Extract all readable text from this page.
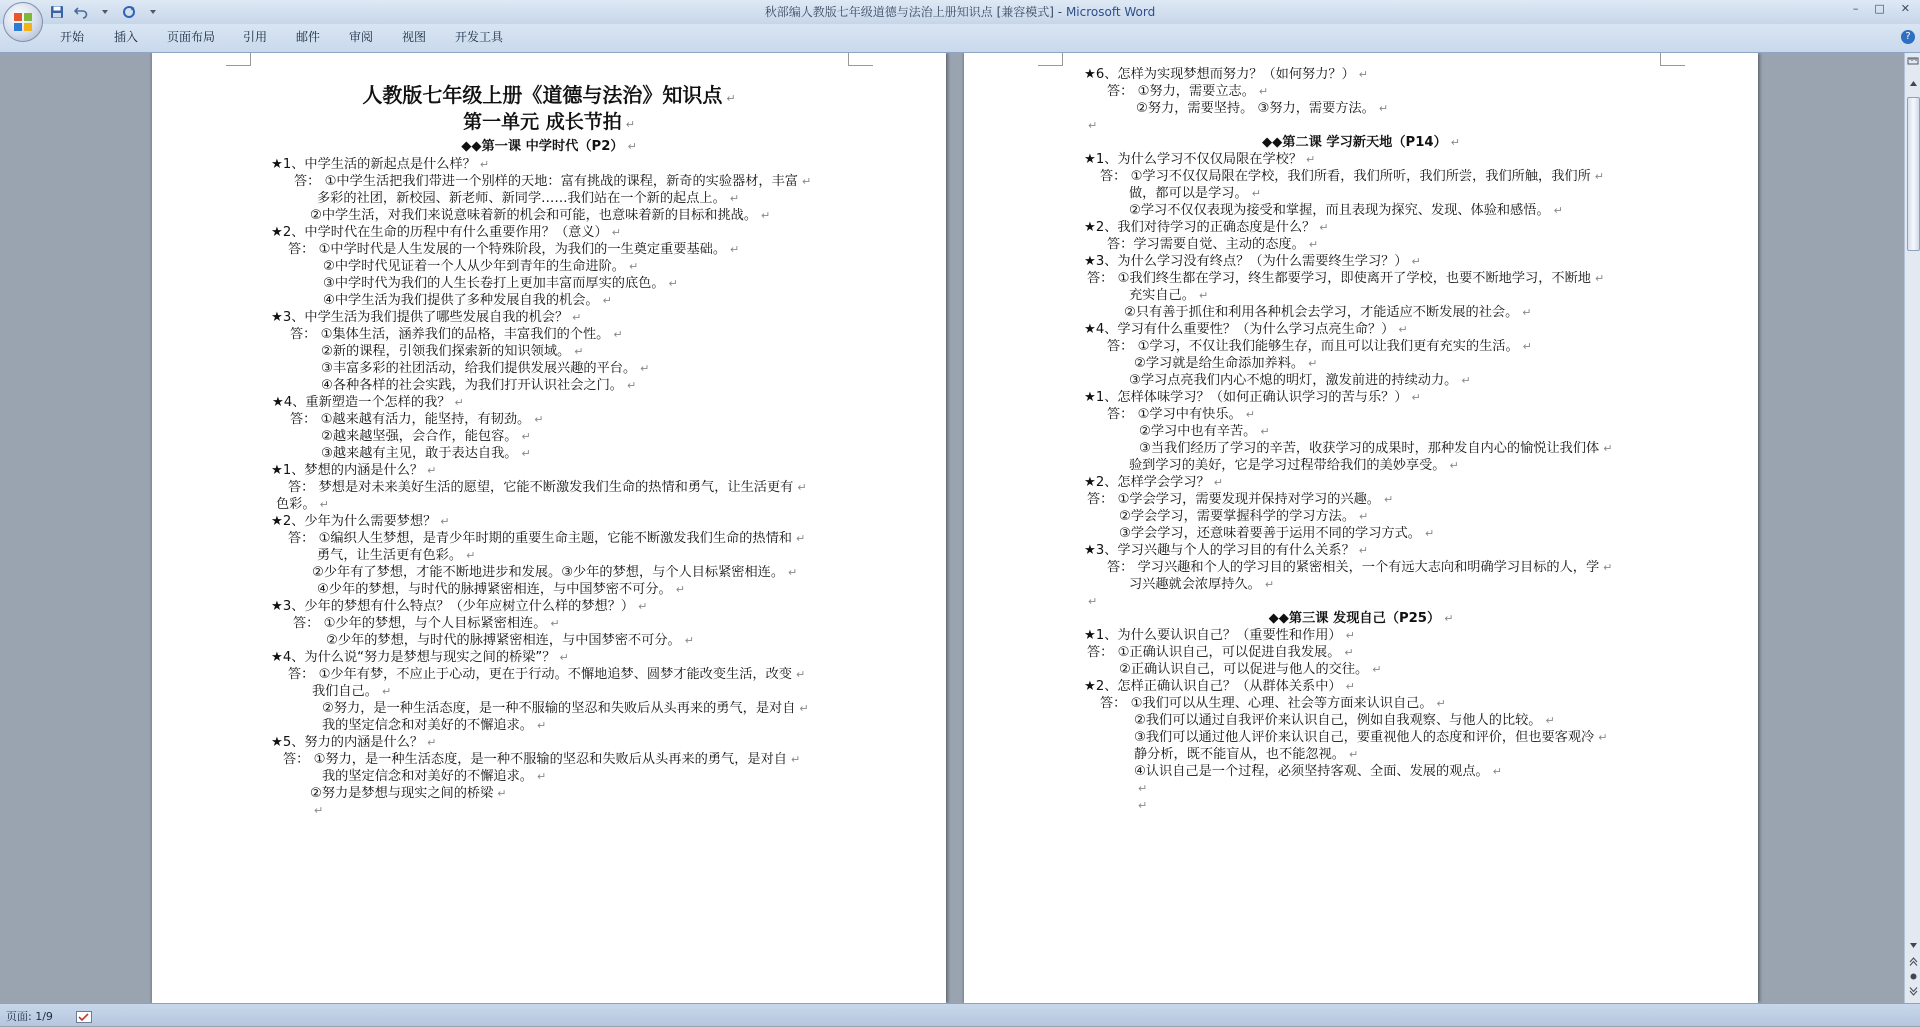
秋部编人教版七年级道德与法治上册知识点 [兼容模式] - Microsoft Word	– □ ✕
开始 插入 页面布局 引用 邮件 审阅 视图 开发工具	?
人教版七年级上册《道德与法治》知识点 ↵
第一单元 成长节拍 ↵
◆◆第一课 中学时代（P2） ↵
★1、中学生活的新起点是什么样？ ↵
答： ①中学生活把我们带进一个别样的天地：富有挑战的课程，新奇的实验器材，丰富 ↵
多彩的社团，新校园、新老师、新同学……我们站在一个新的起点上。 ↵
②中学生活，对我们来说意味着新的机会和可能，也意味着新的目标和挑战。 ↵
★2、中学时代在生命的历程中有什么重要作用？（意义） ↵
答： ①中学时代是人生发展的一个特殊阶段，为我们的一生奠定重要基础。 ↵
②中学时代见证着一个人从少年到青年的生命进阶。 ↵
③中学时代为我们的人生长卷打上更加丰富而厚实的底色。 ↵
④中学生活为我们提供了多种发展自我的机会。 ↵
★3、中学生活为我们提供了哪些发展自我的机会？ ↵
答： ①集体生活，涵养我们的品格，丰富我们的个性。 ↵
②新的课程，引领我们探索新的知识领域。 ↵
③丰富多彩的社团活动，给我们提供发展兴趣的平台。 ↵
④各种各样的社会实践，为我们打开认识社会之门。 ↵
★4、重新塑造一个怎样的我？ ↵
答： ①越来越有活力，能坚持，有韧劲。 ↵
②越来越坚强，会合作，能包容。 ↵
③越来越有主见，敢于表达自我。 ↵
★1、梦想的内涵是什么？ ↵
答： 梦想是对未来美好生活的愿望，它能不断激发我们生命的热情和勇气，让生活更有 ↵
色彩。 ↵
★2、少年为什么需要梦想？ ↵
答： ①编织人生梦想，是青少年时期的重要生命主题，它能不断激发我们生命的热情和 ↵
勇气，让生活更有色彩。 ↵
②少年有了梦想，才能不断地进步和发展。③少年的梦想，与个人目标紧密相连。 ↵
④少年的梦想，与时代的脉搏紧密相连，与中国梦密不可分。 ↵
★3、少年的梦想有什么特点？（少年应树立什么样的梦想？） ↵
答： ①少年的梦想，与个人目标紧密相连。 ↵
②少年的梦想，与时代的脉搏紧密相连，与中国梦密不可分。 ↵
★4、为什么说“努力是梦想与现实之间的桥梁”？ ↵
答： ①少年有梦，不应止于心动，更在于行动。不懈地追梦、圆梦才能改变生活，改变 ↵
我们自己。 ↵
②努力，是一种生活态度，是一种不服输的坚忍和失败后从头再来的勇气，是对自 ↵
我的坚定信念和对美好的不懈追求。 ↵
★5、努力的内涵是什么？ ↵
答： ①努力，是一种生活态度，是一种不服输的坚忍和失败后从头再来的勇气，是对自 ↵
我的坚定信念和对美好的不懈追求。 ↵
②努力是梦想与现实之间的桥梁 ↵
↵
★6、怎样为实现梦想而努力？（如何努力？） ↵
答： ①努力，需要立志。 ↵
②努力，需要坚持。 ③努力，需要方法。 ↵
↵
◆◆第二课 学习新天地（P14） ↵
★1、为什么学习不仅仅局限在学校？ ↵
答： ①学习不仅仅局限在学校，我们所看，我们所听，我们所尝，我们所触，我们所 ↵
做，都可以是学习。 ↵
②学习不仅仅表现为接受和掌握，而且表现为探究、发现、体验和感悟。 ↵
★2、我们对待学习的正确态度是什么？ ↵
答：学习需要自觉、主动的态度。 ↵
★3、为什么学习没有终点？（为什么需要终生学习？） ↵
答： ①我们终生都在学习，终生都要学习，即使离开了学校，也要不断地学习，不断地 ↵
充实自己。 ↵
②只有善于抓住和利用各种机会去学习，才能适应不断发展的社会。 ↵
★4、学习有什么重要性？（为什么学习点亮生命？） ↵
答： ①学习，不仅让我们能够生存，而且可以让我们更有充实的生活。 ↵
②学习就是给生命添加养料。 ↵
③学习点亮我们内心不熄的明灯，激发前进的持续动力。 ↵
★1、怎样体味学习？（如何正确认识学习的苦与乐？） ↵
答： ①学习中有快乐。 ↵
②学习中也有辛苦。 ↵
③当我们经历了学习的辛苦，收获学习的成果时，那种发自内心的愉悦让我们体 ↵
验到学习的美好，它是学习过程带给我们的美妙享受。 ↵
★2、怎样学会学习？ ↵
答： ①学会学习，需要发现并保持对学习的兴趣。 ↵
②学会学习，需要掌握科学的学习方法。 ↵
③学会学习，还意味着要善于运用不同的学习方式。 ↵
★3、学习兴趣与个人的学习目的有什么关系？ ↵
答： 学习兴趣和个人的学习目的紧密相关，一个有远大志向和明确学习目标的人，学 ↵
习兴趣就会浓厚持久。 ↵
↵
◆◆第三课 发现自己（P25） ↵
★1、为什么要认识自己？（重要性和作用） ↵
答： ①正确认识自己，可以促进自我发展。 ↵
②正确认识自己，可以促进与他人的交往。 ↵
★2、怎样正确认识自己？（从群体关系中） ↵
答： ①我们可以从生理、心理、社会等方面来认识自己。 ↵
②我们可以通过自我评价来认识自己，例如自我观察、与他人的比较。 ↵
③我们可以通过他人评价来认识自己，要重视他人的态度和评价，但也要客观冷 ↵
静分析，既不能盲从，也不能忽视。 ↵
④认识自己是一个过程，必须坚持客观、全面、发展的观点。 ↵
↵
↵
页面: 1/9
